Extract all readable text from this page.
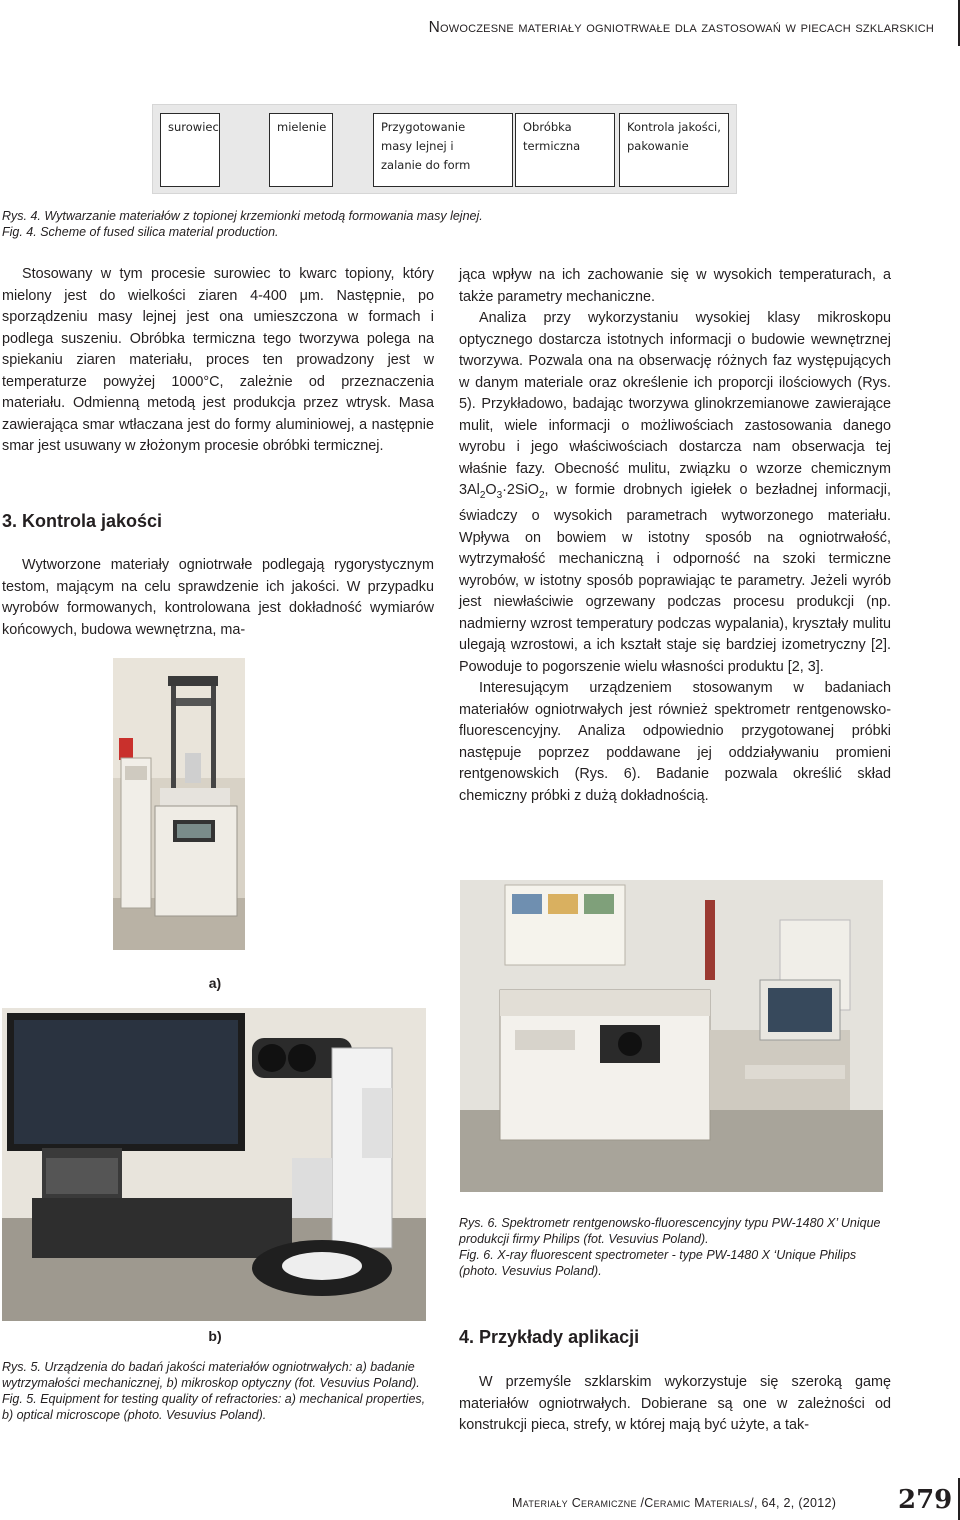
Nowoczesne materiały ogniotrwałe dla zastosowań w piecach szklarskich
surowiec	mielenie	Przygotowanie
masy lejnej i
zalanie do form
Obróbka
termiczna
Kontrola jakości,
pakowanie
Rys. 4. Wytwarzanie materiałów z topionej krzemionki metodą formowania masy lejnej.
Fig. 4. Scheme of fused silica material production.

Stosowany w tym procesie surowiec to kwarc topiony, który mielony jest do wielkości ziaren 4-400 μm. Następnie, po sporządzeniu masy lejnej jest ona umieszczona w formach i podlega suszeniu. Obróbka termiczna tego tworzywa polega na spiekaniu ziaren materiału, proces ten prowadzony jest w temperaturze powyżej 1000°C, zależnie od przeznaczenia materiału. Odmienną metodą jest produkcja przez wtrysk. Masa zawierająca smar wtłaczana jest do formy aluminiowej, a następnie smar jest usuwany w złożonym procesie obróbki termicznej.

3. Kontrola jakości

Wytworzone materiały ogniotrwałe podlegają rygorystycznym testom, mającym na celu sprawdzenie ich jakości. W przypadku wyrobów formowanych, kontrolowana jest dokładność wymiarów końcowych, budowa wewnętrzna, ma-

jąca wpływ na ich zachowanie się w wysokich temperaturach, a także parametry mechaniczne.

Analiza przy wykorzystaniu wysokiej klasy mikroskopu optycznego dostarcza istotnych informacji o budowie wewnętrznej tworzywa. Pozwala ona na obserwację różnych faz występujących w danym materiale oraz określenie ich proporcji ilościowych (Rys. 5). Przykładowo, badając tworzywa glinokrzemianowe zawierające mulit, wiele informacji o możliwościach zastosowania danego wyrobu i jego właściwościach dostarcza nam obserwacja tej właśnie fazy. Obecność mulitu, związku o wzorze chemicznym $3Al_2O_3\cdot 2SiO_2$, w formie drobnych igiełek o bezładnej informacji, świadczy o wysokich parametrach wytworzonego materiału. Wpływa on bowiem w istotny sposób na ogniotrwałość, wytrzymałość mechaniczną i odporność na szoki termiczne wyrobów, w istotny sposób poprawiając te parametry. Jeżeli wyrób jest niewłaściwie ogrzewany podczas procesu produkcji (np. nadmierny wzrost temperatury podczas wypalania), kryształy mulitu ulegają wzrostowi, a ich kształt staje się bardziej izometryczny [2]. Powoduje to pogorszenie wielu własności produktu [2, 3].

Interesującym urządzeniem stosowanym w badaniach materiałów ogniotrwałych jest również spektrometr rentgenowsko-fluorescencyjny. Analiza odpowiednio przygotowanej próbki następuje poprzez poddawane jej oddziaływaniu promieni rentgenowskich (Rys. 6). Badanie pozwala określić skład chemiczny próbki z dużą dokładnością.

a)
b)
Rys. 5. Urządzenia do badań jakości materiałów ogniotrwałych: a) badanie wytrzymałości mechanicznej, b) mikroskop optyczny (fot. Vesuvius Poland).
Fig. 5. Equipment for testing quality of refractories: a) mechanical properties, b) optical microscope (photo. Vesuvius Poland).
Rys. 6. Spektrometr rentgenowsko-fluorescencyjny typu PW-1480 X’ Unique produkcji firmy Philips (fot. Vesuvius Poland).
Fig. 6. X-ray fluorescent spectrometer - type PW-1480 X ‘Unique Philips (photo. Vesuvius Poland).
4. Przykłady aplikacji

W przemyśle szklarskim wykorzystuje się szeroką gamę materiałów ogniotrwałych. Dobierane są one w zależności od konstrukcji pieca, strefy, w której mają być użyte, a tak-

Materiały Ceramiczne /Ceramic Materials/, 64, 2, (2012) 279
